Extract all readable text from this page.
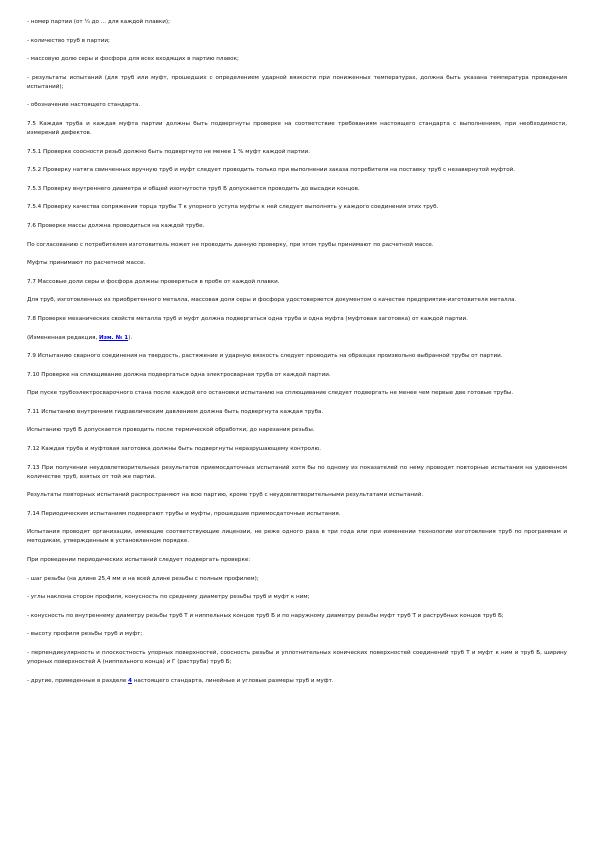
- номер партии (от ¼ до ... для каждой плавки);

- количество труб в партии;

- массовую долю серы и фосфора для всех входящих в партию плавок;

- результаты испытаний (для труб или муфт, прошедших с определением ударной вязкости при пониженных температурах, должна быть указана температура проведения испытаний);

- обозначение настоящего стандарта.

7.5 Каждая труба и каждая муфта партии должны быть подвергнуты проверке на соответствие требованиям настоящего стандарта с выполнением, при необходимости, измерений дефектов.

7.5.1 Проверке соосности резьб должно быть подвергнуто не менее 1 % муфт каждой партии.

7.5.2 Проверку натяга свинченных вручную труб и муфт следует проводить только при выполнении заказа потребителя на поставку труб с незавернутой муфтой.

7.5.3 Проверку внутреннего диаметра и общей изогнутости труб Б допускается проводить до высадки концов.

7.5.4 Проверку качества сопряжения торца трубы Т к упорного уступа муфты к ней следует выполнять у каждого соединения этих труб.

7.6 Проверке массы должна проводиться на каждой трубе.

По согласованию с потребителем изготовитель может не проводить данную проверку, при этом трубы принимают по расчетной массе.

Муфты принимают по расчетной массе.

7.7 Массовые доли серы и фосфора должны проверяться в пробе от каждой плавки.

Для труб, изготовленных из приобретенного металла, массовая доля серы и фосфора удостоверяется документом о качестве предприятия-изготовителя металла.

7.8 Проверке механических свойств металла труб и муфт должна подвергаться одна труба и одна муфта (муфтовая заготовка) от каждой партии.

(Измененная редакция, Изм. № 1).

7.9 Испытанию сварного соединения на твердость, растяжение и ударную вязкость следует проводить на образцах произвольно выбранной трубы от партии.

7.10 Проверке на сплющивание должна подвергаться одна электросварная труба от каждой партии.

При пуске трубоэлектросварочного стана после каждой его остановки испытанию на сплющивание следует подвергать не менее чем первые две готовые трубы.

7.11 Испытанию внутренним гидравлическим давлением должна быть подвергнута каждая труба.

Испытанию труб Б допускается проводить после термической обработки, до нарезания резьбы.

7.12 Каждая труба и муфтовая заготовка должны быть подвергнуты неразрушающему контролю.

7.13 При получении неудовлетворительных результатов приемосдаточных испытаний хотя бы по одному из показателей по нему проводят повторные испытания на удвоенном количестве труб, взятых от той же партии.

Результаты повторных испытаний распространяют на всю партию, кроме труб с неудовлетворительными результатами испытаний.

7.14 Периодическим испытаниям подвергают трубы и муфты, прошедшие приемосдаточные испытания.

Испытания проводят организации, имеющие соответствующие лицензии, не реже одного раза в три года или при изменении технологии изготовления труб по программам и методикам, утвержденным в установленном порядке.

При проведении периодических испытаний следует подвергать проверке:

- шаг резьбы (на длине 25,4 мм и на всей длине резьбы с полным профилем);

- углы наклона сторон профиля, конусность по среднему диаметру резьбы труб и муфт к ним;

- конусность по внутреннему диаметру резьбы труб Т и ниппельных концов труб Б и по наружному диаметру резьбы муфт труб Т и раструбных концов труб Б;

- высоту профиля резьбы труб и муфт;

- перпендикулярность и плоскостность упорных поверхностей, соосность резьбы и уплотнительных конических поверхностей соединений труб Т и муфт к ним и труб Б, ширину упорных поверхностей А (ниппельного конца) и Г (раструба) труб Б;

- другие, приведенные в разделе 4 настоящего стандарта, линейные и угловые размеры труб и муфт.
